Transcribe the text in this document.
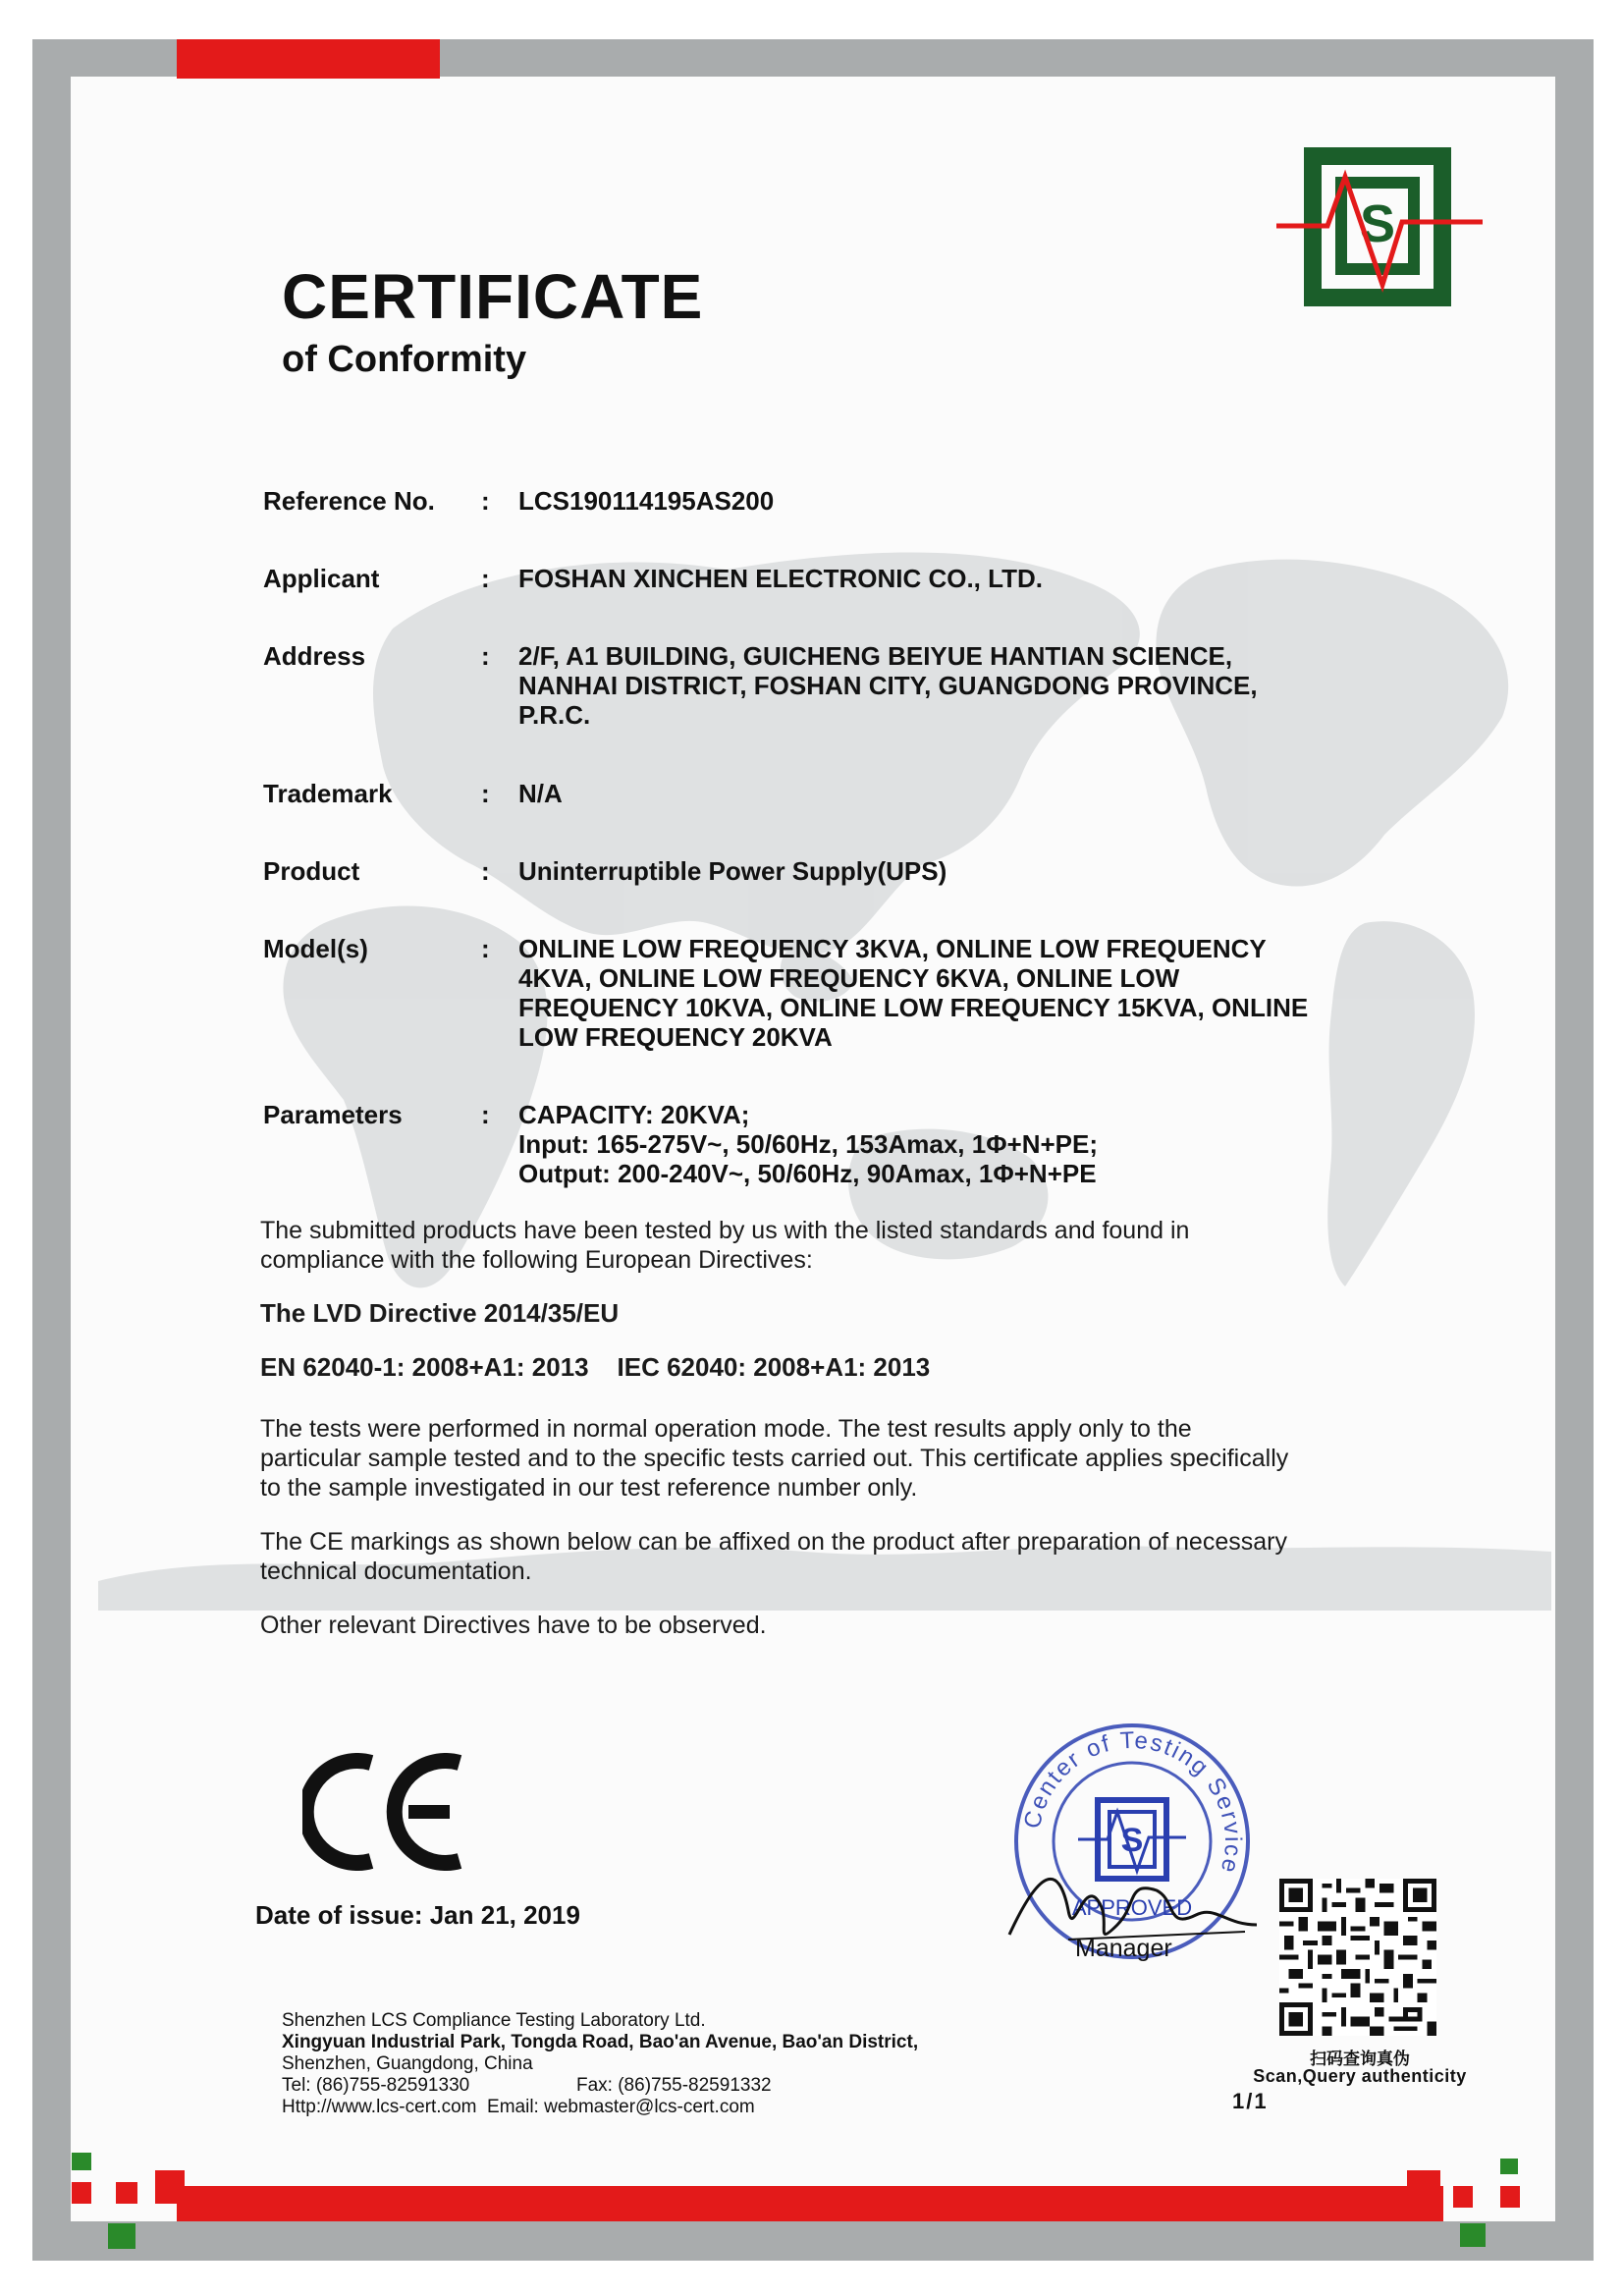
S
CERTIFICATE
of Conformity
Reference No.	: LCS190114195AS200
Applicant	: FOSHAN XINCHEN ELECTRONIC CO., LTD.
Address	: 2/F, A1 BUILDING, GUICHENG BEIYUE HANTIAN SCIENCE,
NANHAI DISTRICT, FOSHAN CITY, GUANGDONG PROVINCE,
P.R.C.
Trademark	: N/A
Product	: Uninterruptible Power Supply(UPS)
Model(s)	: ONLINE LOW FREQUENCY 3KVA, ONLINE LOW FREQUENCY
4KVA, ONLINE LOW FREQUENCY 6KVA, ONLINE LOW
FREQUENCY 10KVA, ONLINE LOW FREQUENCY 15KVA, ONLINE
LOW FREQUENCY 20KVA
Parameters	: CAPACITY: 20KVA;
Input: 165-275V~, 50/60Hz, 153Amax, 1Φ+N+PE;
Output: 200-240V~, 50/60Hz, 90Amax, 1Φ+N+PE
The submitted products have been tested by us with the listed standards and found in compliance with the following European Directives:
The LVD Directive 2014/35/EU
EN 62040-1: 2008+A1: 2013    IEC 62040: 2008+A1: 2013
The tests were performed in normal operation mode. The test results apply only to the particular sample tested and to the specific tests carried out. This certificate applies specifically to the sample investigated in our test reference number only.
The CE markings as shown below can be affixed on the product after preparation of necessary technical documentation.
Other relevant Directives have to be observed.
Date of issue: Jan 21, 2019
Center of Testing Service
S
APPROVED
Manager
Shenzhen LCS Compliance Testing Laboratory Ltd.
Xingyuan Industrial Park, Tongda Road, Bao'an Avenue, Bao'an District,
Shenzhen, Guangdong, China
Tel: (86)755-82591330	Fax: (86)755-82591332
Http://www.lcs-cert.com Email: webmaster@lcs-cert.com
扫码查询真伪
Scan,Query authenticity
1/1
